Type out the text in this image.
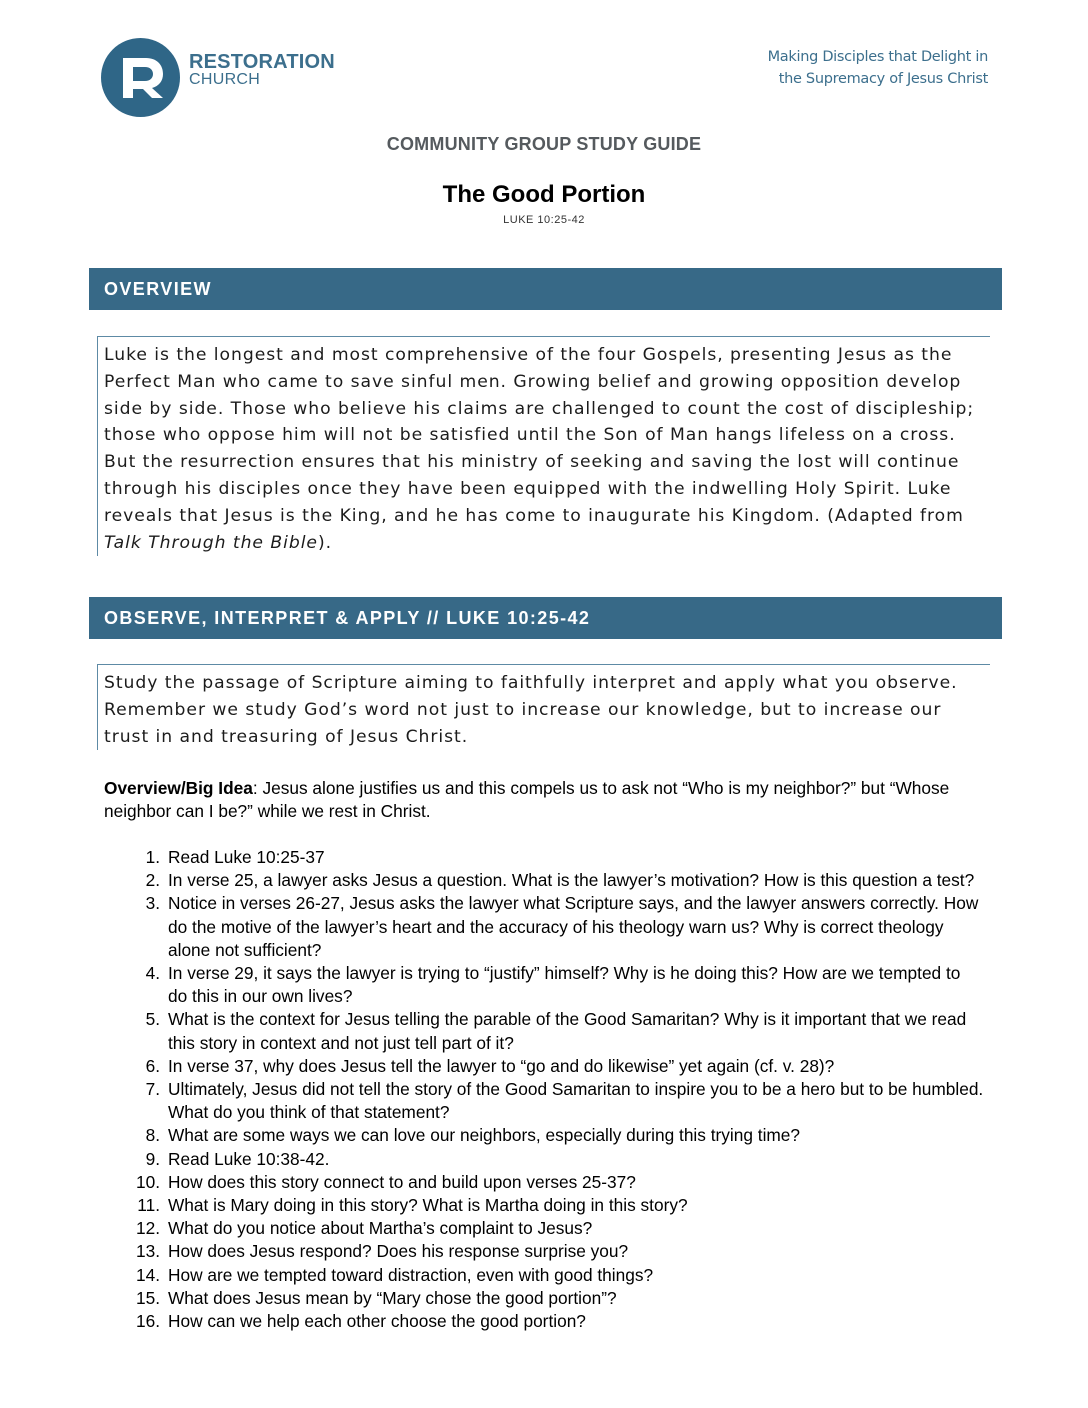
RESTORATION
CHURCH
Making Disciples that Delight in
the Supremacy of Jesus Christ
COMMUNITY GROUP STUDY GUIDE
The Good Portion
LUKE 10:25-42
OVERVIEW
Luke is the longest and most comprehensive of the four Gospels, presenting Jesus as the Perfect Man who came to save sinful men. Growing belief and growing opposition develop side by side. Those who believe his claims are challenged to count the cost of discipleship; those who oppose him will not be satisfied until the Son of Man hangs lifeless on a cross. But the resurrection ensures that his ministry of seeking and saving the lost will continue through his disciples once they have been equipped with the indwelling Holy Spirit. Luke reveals that Jesus is the King, and he has come to inaugurate his Kingdom. (Adapted from Talk Through the Bible).
OBSERVE, INTERPRET & APPLY // LUKE 10:25-42
Study the passage of Scripture aiming to faithfully interpret and apply what you observe. Remember we study God’s word not just to increase our knowledge, but to increase our trust in and treasuring of Jesus Christ.
Overview/Big Idea: Jesus alone justifies us and this compels us to ask not “Who is my neighbor?” but “Whose neighbor can I be?” while we rest in Christ.
1. Read Luke 10:25-37
2. In verse 25, a lawyer asks Jesus a question. What is the lawyer’s motivation? How is this question a test?
3. Notice in verses 26-27, Jesus asks the lawyer what Scripture says, and the lawyer answers correctly. How do the motive of the lawyer’s heart and the accuracy of his theology warn us? Why is correct theology alone not sufficient?
4. In verse 29, it says the lawyer is trying to “justify” himself? Why is he doing this? How are we tempted to do this in our own lives?
5. What is the context for Jesus telling the parable of the Good Samaritan? Why is it important that we read this story in context and not just tell part of it?
6. In verse 37, why does Jesus tell the lawyer to “go and do likewise” yet again (cf. v. 28)?
7. Ultimately, Jesus did not tell the story of the Good Samaritan to inspire you to be a hero but to be humbled. What do you think of that statement?
8. What are some ways we can love our neighbors, especially during this trying time?
9. Read Luke 10:38-42.
10. How does this story connect to and build upon verses 25-37?
11. What is Mary doing in this story? What is Martha doing in this story?
12. What do you notice about Martha’s complaint to Jesus?
13. How does Jesus respond? Does his response surprise you?
14. How are we tempted toward distraction, even with good things?
15. What does Jesus mean by “Mary chose the good portion”?
16. How can we help each other choose the good portion?
